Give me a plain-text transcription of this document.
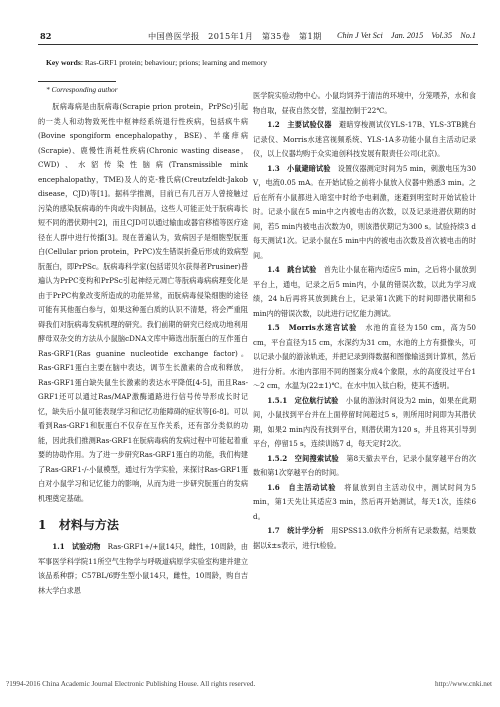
82	中国兽医学报　2015年1月　第35卷　第1期 Chin J Vet Sci　Jan. 2015　Vol.35　No.1
Key words: Ras-GRF1 protein; behaviour; prions; learning and memory
* Corresponding author

朊病毒病是由朊病毒(Scrapie prion protein，PrPSc)引起的一类人和动物致死性中枢神经系统退行性疾病，包括疯牛病(Bovine spongiform encephalopathy，BSE)、羊瘙痒病(Scrapie)、鹿慢性消耗性疾病(Chronic wasting disease，CWD)、水貂传染性脑病(Transmissible mink encephalopathy，TME)及人的克-雅氏病(Creutzfeldt-Jakob disease，CJD)等[1]。据科学推测，目前已有几百万人曾接触过污染的感染朊病毒的牛肉或牛肉制品，这些人可能正处于朊病毒长短不同的潜伏期中[2]，而且CJD可以通过输血或器官移植等医疗途径在人群中进行传播[3]。现在普遍认为，致病因子是细胞型朊蛋白(Cellular prion protein，PrPC)发生错误折叠后形成的致病型朊蛋白，即PrPSc。朊病毒科学家(包括诺贝尔获得者Prusiner)普遍认为PrPC变构和PrPSc引起神经元凋亡等朊病毒病病理变化是由于PrPC构象改变所造成的功能异常，而朊病毒侵染细胞的途径可能有其他蛋白参与，如果这种蛋白质的认识不清楚，将会严重阻碍我们对朊病毒发病机理的研究。我们前期的研究已经成功地利用酵母双杂交的方法从小鼠脑cDNA文库中筛选出朊蛋白的互作蛋白Ras-GRF1(Ras guanine nucleotide exchange factor)。Ras-GRF1蛋白主要在脑中表达，调节生长激素的合成和释放，Ras-GRF1蛋白缺失鼠生长激素的表达水平降低[4-5]，而且Ras-GRF1还可以通过Ras/MAP激酶通路进行信号传导形成长时记忆，缺失后小鼠可能表现学习和记忆功能障碍的症状等[6-8]。可以看到Ras-GRF1和朊蛋白不仅存在互作关系，还有部分类似的功能，因此我们推测Ras-GRF1在朊病毒病的发病过程中可能起着重要的协助作用。为了进一步研究Ras-GRF1蛋白的功能，我们构建了Ras-GRF1-/-小鼠模型，通过行为学实验，来探讨Ras-GRF1蛋白对小鼠学习和记忆能力的影响，从而为进一步研究朊蛋白的发病机理奠定基础。

1 材料与方法

1.1　试验动物　 Ras-GRF1+/+鼠14只，雌性，10周龄，由军事医学科学院11所空气生物学与呼吸道病原学实验室构建并建立该品系种群；C57BL/6野生型小鼠14只，雌性，10周龄，购自吉林大学白求恩

医学院实验动物中心。小鼠均饲养于清洁的环境中，分笼喂养，水和食物自取，昼夜自然交替，室温控制于22℃。

1.2　主要试验仪器　 避暗穿梭测试仪YLS-17B、YLS-3TB跳台记录仪、Morris水迷宫视频系统、YLS-1A多功能小鼠自主活动记录仪，以上仪器均购于众实迪创科技发展有限责任公司(北京)。

1.3　小鼠避暗试验　 设置仪器测定时间为5 min，刺激电压为30 V，电流0.05 mA。在开始试验之前将小鼠放入仪器中熟悉3 min。之后在所有小鼠都进入暗室中时给予电刺激，迷避到明室时开始试验计时。记录小鼠在5 min中之内被电击的次数，以及记录进潜伏期的时间，若5 min内被电击次数为0，则该潜伏期记为300 s。试验持续3 d每天测试1次。记录小鼠在5 min中内的被电击次数及首次被电击的时间。

1.4　跳台试验　 首先让小鼠在箱内适应5 min，之后将小鼠放到平台上，通电，记录之后5 min内，小鼠的错误次数，以此为学习成绩，24 h后再将其放到跳台上，记录第1次跳下的时间即潜伏期和5 min内的错误次数，以此进行记忆能力测试。

1.5　Morris水迷宫试验　 水池的直径为150 cm，高为50 cm，平台直径为15 cm，水深约为31 cm，水池的上方有摄像头，可以记录小鼠的游泳轨迹，并把记录到得数据和图像输送到计算机，然后进行分析。水池内部用不同的图案分成4个象限，水的高度没过平台1～2 cm，水温为(22±1)℃。在水中加入钛白粉，使其不透明。

1.5.1　定位航行试验　 小鼠的游泳时间设为2 min，如果在此期间，小鼠找到平台并在上面停留时间超过5 s，则所用时间即为其潜伏期，如果2 min内没有找到平台，则潜伏期为120 s，并且将其引导到平台，停留15 s，连续训练7 d，每天定时2次。

1.5.2　空间搜索试验　 第8天撤去平台，记录小鼠穿越平台的次数和第1次穿越平台的时间。

1.6　自主活动试验　 将鼠放到自主活动仪中，测试时间为5 min，第1天先让其适应3 min，然后再开始测试，每天1次，连续6 d。

1.7　统计学分析　 用SPSS13.0软件分析所有记录数据，结果数据以x̄±s表示，进行t检验。

?1994-2016 China Academic Journal Electronic Publishing House. All rights reserved.	http://www.cnki.net
